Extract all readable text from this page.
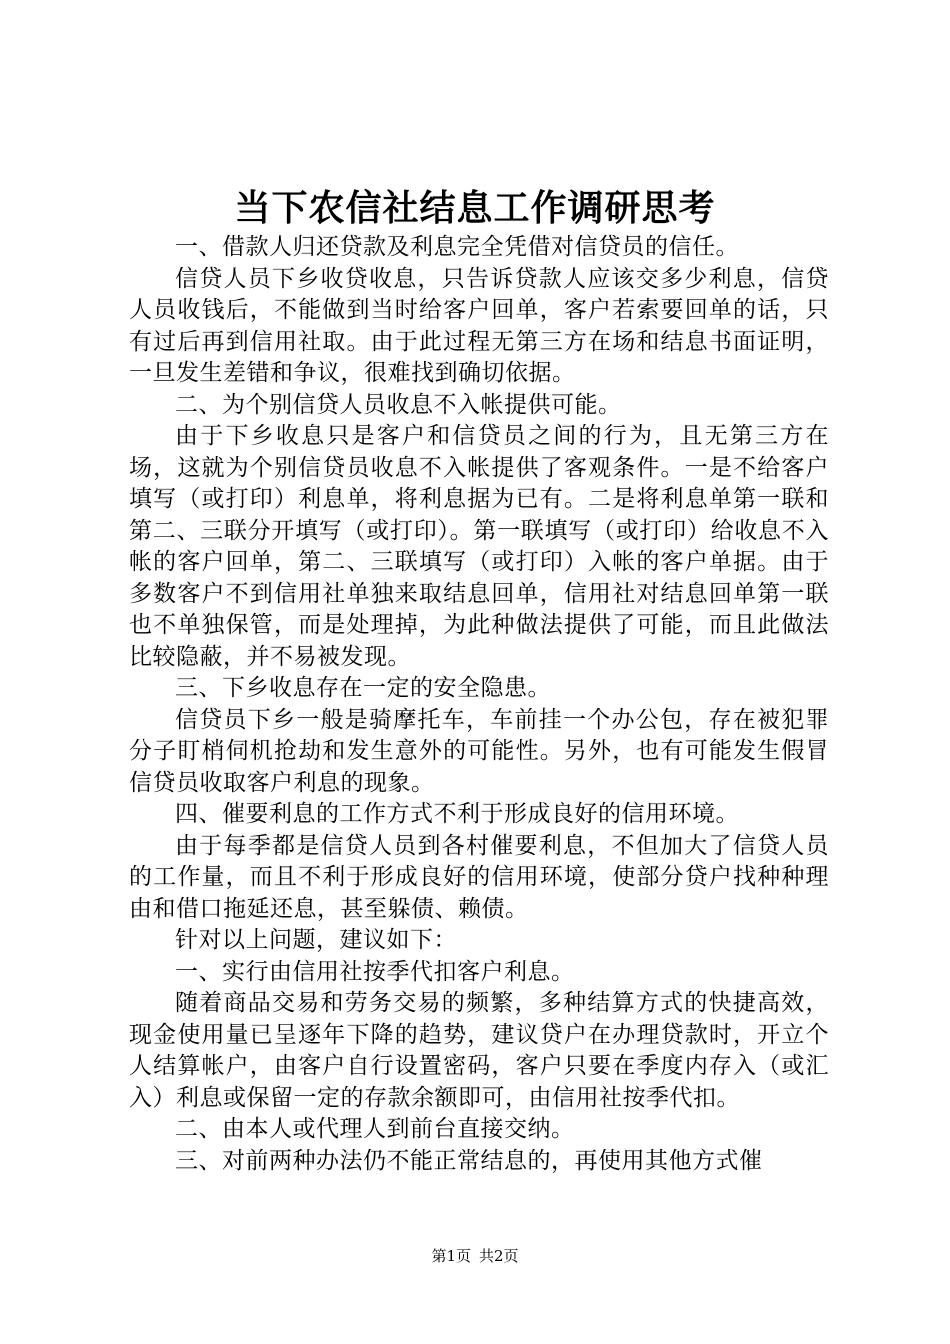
当下农信社结息工作调研思考

一、借款人归还贷款及利息完全凭借对信贷员的信任。

信贷人员下乡收贷收息，只告诉贷款人应该交多少利息，信贷人员收钱后，不能做到当时给客户回单，客户若索要回单的话，只有过后再到信用社取。由于此过程无第三方在场和结息书面证明，一旦发生差错和争议，很难找到确切依据。

二、为个别信贷人员收息不入帐提供可能。

由于下乡收息只是客户和信贷员之间的行为，且无第三方在场，这就为个别信贷员收息不入帐提供了客观条件。一是不给客户填写（或打印）利息单，将利息据为已有。二是将利息单第一联和第二、三联分开填写（或打印）。第一联填写（或打印）给收息不入帐的客户回单，第二、三联填写（或打印）入帐的客户单据。由于多数客户不到信用社单独来取结息回单，信用社对结息回单第一联也不单独保管，而是处理掉，为此种做法提供了可能，而且此做法比较隐蔽，并不易被发现。

三、下乡收息存在一定的安全隐患。

信贷员下乡一般是骑摩托车，车前挂一个办公包，存在被犯罪分子盯梢伺机抢劫和发生意外的可能性。另外，也有可能发生假冒信贷员收取客户利息的现象。

四、催要利息的工作方式不利于形成良好的信用环境。

由于每季都是信贷人员到各村催要利息，不但加大了信贷人员的工作量，而且不利于形成良好的信用环境，使部分贷户找种种理由和借口拖延还息，甚至躲债、赖债。

针对以上问题，建议如下：

一、实行由信用社按季代扣客户利息。

随着商品交易和劳务交易的频繁，多种结算方式的快捷高效，现金使用量已呈逐年下降的趋势，建议贷户在办理贷款时，开立个人结算帐户，由客户自行设置密码，客户只要在季度内存入（或汇入）利息或保留一定的存款余额即可，由信用社按季代扣。

二、由本人或代理人到前台直接交纳。

三、对前两种办法仍不能正常结息的，再使用其他方式催

第1页 共2页
